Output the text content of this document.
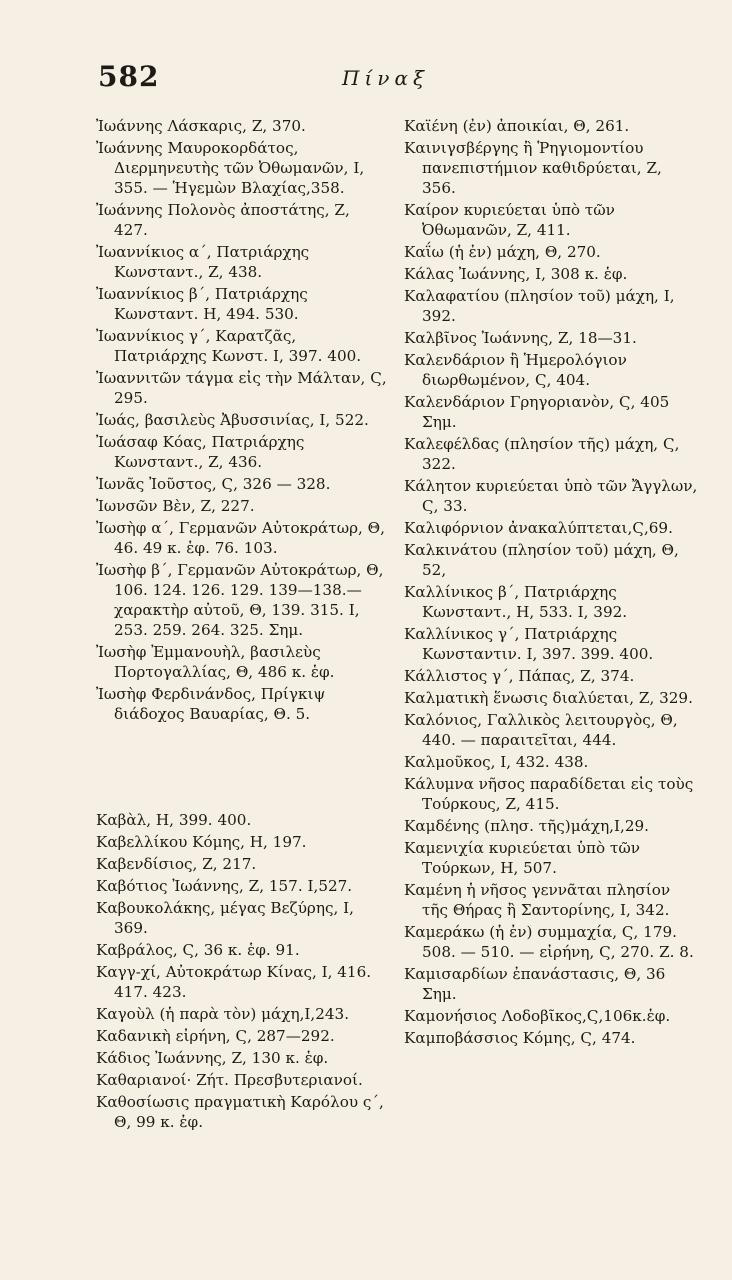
582	Πίναξ
Ἰωάννης Λάσκαρις, Ζ, 370.
Ἰωάννης Μαυροκορδάτος, Διερμηνευτὴς τῶν Ὀθωμανῶν, Ι, 355. — Ἡγεμὼν Βλαχίας,358.
Ἰωάννης Πολονὸς ἀποστάτης, Ζ, 427.
Ἰωαννίκιος α΄, Πατριάρχης Κωνσταντ., Ζ, 438.
Ἰωαννίκιος β΄, Πατριάρχης Κωνσταντ. Η, 494. 530.
Ἰωαννίκιος γ΄, Καρατζᾶς, Πατριάρχης Κωνστ. Ι, 397. 400.
Ἰωαννιτῶν τάγμα εἰς τὴν Μάλταν, Ϛ, 295.
Ἰωάς, βασιλεὺς Ἀβυσσινίας, Ι, 522.
Ἰωάσαφ Κόας, Πατριάρχης Κωνσταντ., Ζ, 436.
Ἰωνᾶς Ἰοῦστος, Ϛ, 326 — 328.
Ἰωνσῶν Βὲν, Ζ, 227.
Ἰωσὴφ α΄, Γερμανῶν Αὐτοκράτωρ, Θ, 46. 49 κ. ἑφ. 76. 103.
Ἰωσὴφ β΄, Γερμανῶν Αὐτοκράτωρ, Θ, 106. 124. 126. 129. 139—138.— χαρακτὴρ αὐτοῦ, Θ, 139. 315. Ι, 253. 259. 264. 325. Σημ.
Ἰωσὴφ Ἐμμανουὴλ, βασιλεὺς Πορτογαλλίας, Θ, 486 κ. ἑφ.
Ἰωσὴφ Φερδινάνδος, Πρίγκιψ διάδοχος Βαυαρίας, Θ. 5.
Καβὰλ, Η, 399. 400.
Καβελλίκου Κόμης, Η, 197.
Καβενδίσιος, Ζ, 217.
Καβότιος Ἰωάννης, Ζ, 157. Ι,527.
Καβουκολάκης, μέγας Βεζύρης, Ι, 369.
Καβράλος, Ϛ, 36 κ. ἑφ. 91.
Καγγ-χί, Αὐτοκράτωρ Κίνας, Ι, 416. 417. 423.
Καγοὺλ (ἡ παρὰ τὸν) μάχη,Ι,243.
Καδανικὴ εἰρήνη, Ϛ, 287—292.
Κάδιος Ἰωάννης, Ζ, 130 κ. ἑφ.
Καθαριανοί· Ζήτ. Πρεσβυτεριανοί.
Καθοσίωσις πραγματικὴ Καρόλου ς΄, Θ, 99 κ. ἑφ.
Καϊένη (ἐν) ἀποικίαι, Θ, 261.
Καινιγσβέργης ἢ Ῥηγιομοντίου πανεπιστήμιον καθιδρύεται, Ζ, 356.
Καίρον κυριεύεται ὑπὸ τῶν Ὀθωμανῶν, Ζ, 411.
Καΐω (ἡ ἐν) μάχη, Θ, 270.
Κάλας Ἰωάννης, Ι, 308 κ. ἑφ.
Καλαφατίου (πλησίον τοῦ) μάχη, Ι, 392.
Καλβῖνος Ἰωάννης, Ζ, 18—31.
Καλενδάριον ἢ Ἡμερολόγιον διωρθωμένον, Ϛ, 404.
Καλενδάριον Γρηγοριανὸν, Ϛ, 405 Σημ.
Καλεφέλδας (πλησίον τῆς) μάχη, Ϛ, 322.
Κάλητον κυριεύεται ὑπὸ τῶν Ἄγγλων, Ϛ, 33.
Καλιφόρνιον ἀνακαλύπτεται,Ϛ,69.
Καλκινάτου (πλησίον τοῦ) μάχη, Θ, 52,
Καλλίνικος β΄, Πατριάρχης Κωνσταντ., Η, 533. Ι, 392.
Καλλίνικος γ΄, Πατριάρχης Κωνσταντιν. Ι, 397. 399. 400.
Κάλλιστος γ΄, Πάπας, Ζ, 374.
Καλματικὴ ἕνωσις διαλύεται, Ζ, 329.
Καλόνιος, Γαλλικὸς λειτουργὸς, Θ, 440. — παραιτεῖται, 444.
Καλμοῦκος, Ι, 432. 438.
Κάλυμνα νῆσος παραδίδεται εἰς τοὺς Τούρκους, Ζ, 415.
Καμδένης (πλησ. τῆς)μάχη,Ι,29.
Καμενιχία κυριεύεται ὑπὸ τῶν Τούρκων, Η, 507.
Καμένη ἡ νῆσος γεννᾶται πλησίον τῆς Θήρας ἢ Σαντορίνης, Ι, 342.
Καμεράκω (ἡ ἐν) συμμαχία, Ϛ, 179. 508. — 510. — εἰρήνη, Ϛ, 270. Ζ. 8.
Καμισαρδίων ἐπανάστασις, Θ, 36 Σημ.
Καμονήσιος Λοδοβῖκος,Ϛ,106κ.ἑφ.
Καμποβάσσιος Κόμης, Ϛ, 474.
